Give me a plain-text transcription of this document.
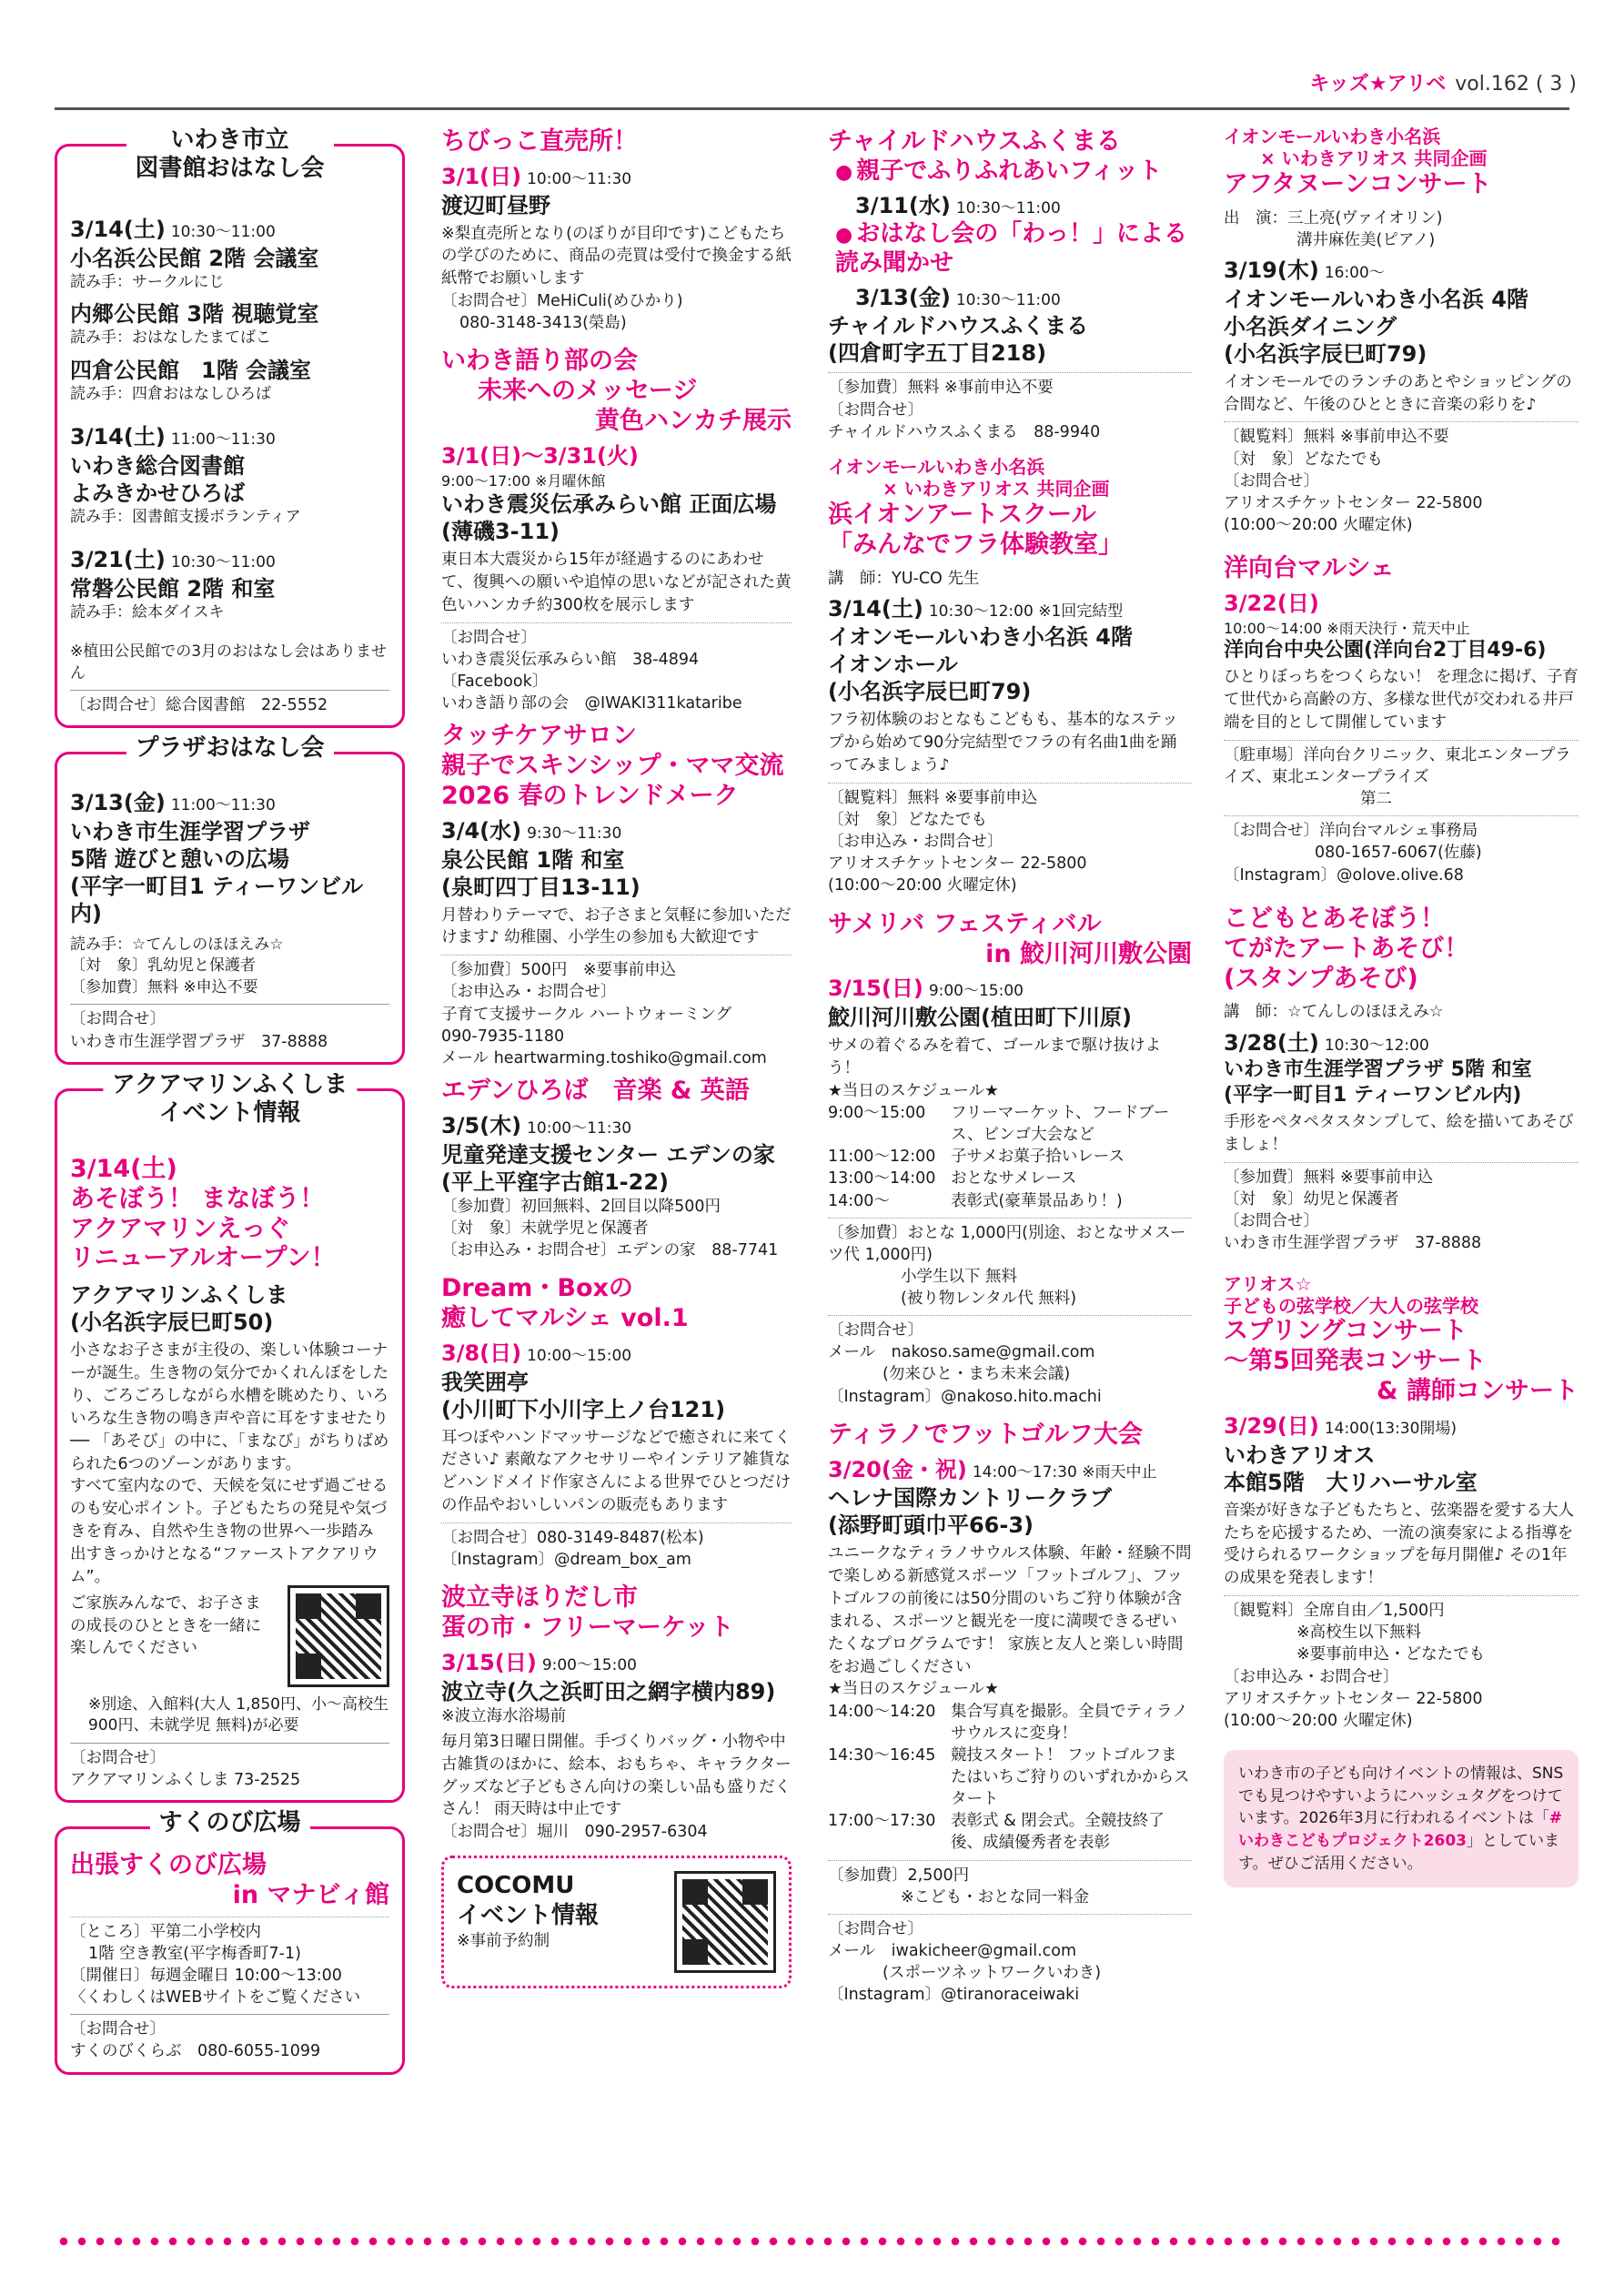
キッズ★アリベ vol.162 ( 3 )
いわき市立
図書館おはなし会
3/14(土) 10:30～11:00
小名浜公民館 2階 会議室
読み手：サークルにじ
内郷公民館 3階 視聴覚室
読み手：おはなしたまてばこ
四倉公民館　1階 会議室
読み手：四倉おはなしひろば
3/14(土) 11:00～11:30
いわき総合図書館
よみきかせひろば
読み手：図書館支援ボランティア
3/21(土) 10:30～11:00
常磐公民館 2階 和室
読み手：絵本ダイスキ
※植田公民館での3月のおはなし会はありません
〔お問合せ〕総合図書館　22-5552
プラザおはなし会
3/13(金) 11:00～11:30
いわき市生涯学習プラザ
5階 遊びと憩いの広場
(平字一町目1 ティーワンビル内)
読み手：☆てんしのほほえみ☆
〔対　象〕乳幼児と保護者
〔参加費〕無料 ※申込不要
〔お問合せ〕
いわき市生涯学習プラザ　37-8888
アクアマリンふくしま
イベント情報
3/14(土)
あそぼう！ まなぼう！
アクアマリンえっぐ
リニューアルオープン！
アクアマリンふくしま
(小名浜字辰巳町50)
小さなお子さまが主役の、楽しい体験コーナーが誕生。生き物の気分でかくれんぼをしたり、ごろごろしながら水槽を眺めたり、いろいろな生き物の鳴き声や音に耳をすませたり ── 「あそび」の中に、「まなび」がちりばめられた6つのゾーンがあります。
すべて室内なので、天候を気にせず過ごせるのも安心ポイント。子どもたちの発見や気づきを育み、自然や生き物の世界へ一歩踏み出すきっかけとなる“ファーストアクアリウム”。
ご家族みんなで、お子さまの成長のひとときを一緒に楽しんでください
※別途、入館料(大人 1,850円、小～高校生 900円、未就学児 無料)が必要
〔お問合せ〕
アクアマリンふくしま 73-2525
すくのび広場
出張すくのび広場
in マナビィ館
〔ところ〕平第二小学校内
1階 空き教室(平字梅香町7-1)
〔開催日〕毎週金曜日 10:00～13:00
〈くわしくはWEBサイトをご覧ください
〔お問合せ〕
すくのびくらぶ　080-6055-1099
ちびっこ直売所！
3/1(日) 10:00～11:30
渡辺町昼野
※梨直売所となり(のぼりが目印です)こどもたちの学びのために、商品の売買は受付で換金する紙紙幣でお願いします
〔お問合せ〕MeHiCuli(めひかり)
080-3148-3413(榮島)
いわき語り部の会
未来へのメッセージ
黄色ハンカチ展示
3/1(日)～3/31(火)
9:00～17:00 ※月曜休館
いわき震災伝承みらい館 正面広場
(薄磯3-11)
東日本大震災から15年が経過するのにあわせて、復興への願いや追悼の思いなどが記された黄色いハンカチ約300枚を展示します
〔お問合せ〕
いわき震災伝承みらい館　38-4894
〔Facebook〕
いわき語り部の会　@IWAKI311kataribe
タッチケアサロン
親子でスキンシップ・ママ交流
2026 春のトレンドメーク
3/4(水) 9:30～11:30
泉公民館 1階 和室
(泉町四丁目13-11)
月替わりテーマで、お子さまと気軽に参加いただけます♪ 幼稚園、小学生の参加も大歓迎です
〔参加費〕500円　※要事前申込
〔お申込み・お問合せ〕
子育て支援サークル ハートウォーミング
090-7935-1180
メール heartwarming.toshiko@gmail.com
エデンひろば　音楽 & 英語
3/5(木) 10:00～11:30
児童発達支援センター エデンの家
(平上平窪字古館1-22)
〔参加費〕初回無料、2回目以降500円
〔対　象〕未就学児と保護者
〔お申込み・お問合せ〕エデンの家　88-7741
Dream・Boxの
癒してマルシェ vol.1
3/8(日) 10:00～15:00
我笑囲亭
(小川町下小川字上ノ台121)
耳つぼやハンドマッサージなどで癒されに来てください♪ 素敵なアクセサリーやインテリア雑貨などハンドメイド作家さんによる世界でひとつだけの作品やおいしいパンの販売もあります
〔お問合せ〕080-3149-8487(松本)
〔Instagram〕@dream_box_am
波立寺ほりだし市
蛋の市・フリーマーケット
3/15(日) 9:00～15:00
波立寺(久之浜町田之網字横内89)
※波立海水浴場前
毎月第3日曜日開催。手づくりバッグ・小物や中古雑貨のほかに、絵本、おもちゃ、キャラクターグッズなど子どもさん向けの楽しい品も盛りだくさん！ 雨天時は中止です
〔お問合せ〕堀川　090-2957-6304
COCOMU
イベント情報
※事前予約制
チャイルドハウスふくまる
● 親子でふりふれあいフィット
3/11(水) 10:30～11:00
● おはなし会の「わっ！」による読み聞かせ
3/13(金) 10:30～11:00
チャイルドハウスふくまる
(四倉町字五丁目218)
〔参加費〕無料 ※事前申込不要
〔お問合せ〕
チャイルドハウスふくまる　88-9940
イオンモールいわき小名浜
× いわきアリオス 共同企画
浜イオンアートスクール
「みんなでフラ体験教室」
講　師：YU-CO 先生
3/14(土) 10:30～12:00 ※1回完結型
イオンモールいわき小名浜 4階
イオンホール
(小名浜字辰巳町79)
フラ初体験のおとなもこどもも、基本的なステップから始めて90分完結型でフラの有名曲1曲を踊ってみましょう♪
〔観覧料〕無料 ※要事前申込
〔対　象〕どなたでも
〔お申込み・お問合せ〕
アリオスチケットセンター 22-5800
(10:00～20:00 火曜定休)
サメリバ フェスティバル
in 鮫川河川敷公園
3/15(日) 9:00～15:00
鮫川河川敷公園(植田町下川原)
サメの着ぐるみを着て、ゴールまで駆け抜けよう！
★当日のスケジュール★
9:00～15:00	フリーマーケット、フードブース、ビンゴ大会など
11:00～12:00 子サメお菓子拾いレース
13:00～14:00 おとなサメレース
14:00～	表彰式(豪華景品あり！)
〔参加費〕おとな 1,000円(別途、おとなサメスーツ代 1,000円)
小学生以下 無料
(被り物レンタル代 無料)
〔お問合せ〕
メール　nakoso.same@gmail.com
(勿来ひと・まち未来会議)
〔Instagram〕@nakoso.hito.machi
ティラノでフットゴルフ大会
3/20(金・祝) 14:00～17:30 ※雨天中止
ヘレナ国際カントリークラブ
(添野町頭巾平66-3)
ユニークなティラノサウルス体験、年齢・経験不問で楽しめる新感覚スポーツ「フットゴルフ」、フットゴルフの前後には50分間のいちご狩り体験が含まれる、スポーツと観光を一度に満喫できるぜいたくなプログラムです！ 家族と友人と楽しい時間をお過ごしください
★当日のスケジュール★
14:00～14:20 集合写真を撮影。全員でティラノサウルスに変身！
14:30～16:45 競技スタート！ フットゴルフまたはいちご狩りのいずれかからスタート
17:00～17:30 表彰式 & 閉会式。全競技終了後、成績優秀者を表彰
〔参加費〕2,500円
※こども・おとな同一料金
〔お問合せ〕
メール　iwakicheer@gmail.com
(スポーツネットワークいわき)
〔Instagram〕@tiranoraceiwaki
イオンモールいわき小名浜
× いわきアリオス 共同企画
アフタヌーンコンサート
出　演：三上亮(ヴァイオリン)
溝井麻佐美(ピアノ)
3/19(木) 16:00～
イオンモールいわき小名浜 4階
小名浜ダイニング
(小名浜字辰巳町79)
イオンモールでのランチのあとやショッピングの合間など、午後のひとときに音楽の彩りを♪
〔観覧料〕無料 ※事前申込不要
〔対　象〕どなたでも
〔お問合せ〕
アリオスチケットセンター 22-5800
(10:00～20:00 火曜定休)
洋向台マルシェ
3/22(日)
10:00～14:00 ※雨天決行・荒天中止
洋向台中央公園(洋向台2丁目49-6)
ひとりぼっちをつくらない！ を理念に掲げ、子育て世代から高齢の方、多様な世代が交われる井戸端を目的として開催しています
〔駐車場〕洋向台クリニック、東北エンタープライズ、東北エンタープライズ
第二
〔お問合せ〕洋向台マルシェ事務局
080-1657-6067(佐藤)
〔Instagram〕@olove.olive.68
こどもとあそぼう！
てがたアートあそび！
(スタンプあそび)
講　師：☆てんしのほほえみ☆
3/28(土) 10:30～12:00
いわき市生涯学習プラザ 5階 和室
(平字一町目1 ティーワンビル内)
手形をペタペタスタンプして、絵を描いてあそびましょ！
〔参加費〕無料 ※要事前申込
〔対　象〕幼児と保護者
〔お問合せ〕
いわき市生涯学習プラザ　37-8888
アリオス☆
子どもの弦学校／大人の弦学校
スプリングコンサート
～第5回発表コンサート
& 講師コンサート
3/29(日) 14:00(13:30開場)
いわきアリオス
本館5階　大リハーサル室
音楽が好きな子どもたちと、弦楽器を愛する大人たちを応援するため、一流の演奏家による指導を受けられるワークショップを毎月開催♪ その1年の成果を発表します！
〔観覧料〕全席自由／1,500円
※高校生以下無料
※要事前申込・どなたでも
〔お申込み・お問合せ〕
アリオスチケットセンター 22-5800
(10:00～20:00 火曜定休)
いわき市の子ども向けイベントの情報は、SNSでも見つけやすいようにハッシュタグをつけています。2026年3月に行われるイベントは「#いわきこどもプロジェクト2603」としています。ぜひご活用ください。
